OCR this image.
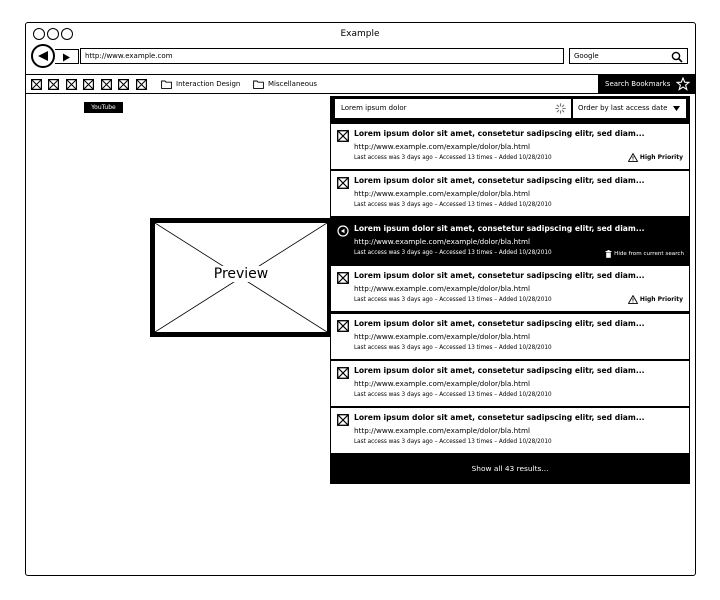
Example
http://www.example.com	Google
Interaction Design	Miscellaneous	Search Bookmarks
YouTube
Preview
Lorem ipsum dolor	Order by last access date
Lorem ipsum dolor sit amet, consetetur sadipscing elitr, sed diam...
http://www.example.com/example/dolor/bla.html
Last access was 3 days ago – Accessed 13 times – Added 10/28/2010	High Priority
Lorem ipsum dolor sit amet, consetetur sadipscing elitr, sed diam...
http://www.example.com/example/dolor/bla.html
Last access was 3 days ago – Accessed 13 times – Added 10/28/2010
Lorem ipsum dolor sit amet, consetetur sadipscing elitr, sed diam...
http://www.example.com/example/dolor/bla.html
Last access was 3 days ago – Accessed 13 times – Added 10/28/2010	Hide from current search
Lorem ipsum dolor sit amet, consetetur sadipscing elitr, sed diam...
http://www.example.com/example/dolor/bla.html
Last access was 3 days ago – Accessed 13 times – Added 10/28/2010	High Priority
Lorem ipsum dolor sit amet, consetetur sadipscing elitr, sed diam...
http://www.example.com/example/dolor/bla.html
Last access was 3 days ago – Accessed 13 times – Added 10/28/2010
Lorem ipsum dolor sit amet, consetetur sadipscing elitr, sed diam...
http://www.example.com/example/dolor/bla.html
Last access was 3 days ago – Accessed 13 times – Added 10/28/2010
Lorem ipsum dolor sit amet, consetetur sadipscing elitr, sed diam...
http://www.example.com/example/dolor/bla.html
Last access was 3 days ago – Accessed 13 times – Added 10/28/2010
Show all 43 results...
